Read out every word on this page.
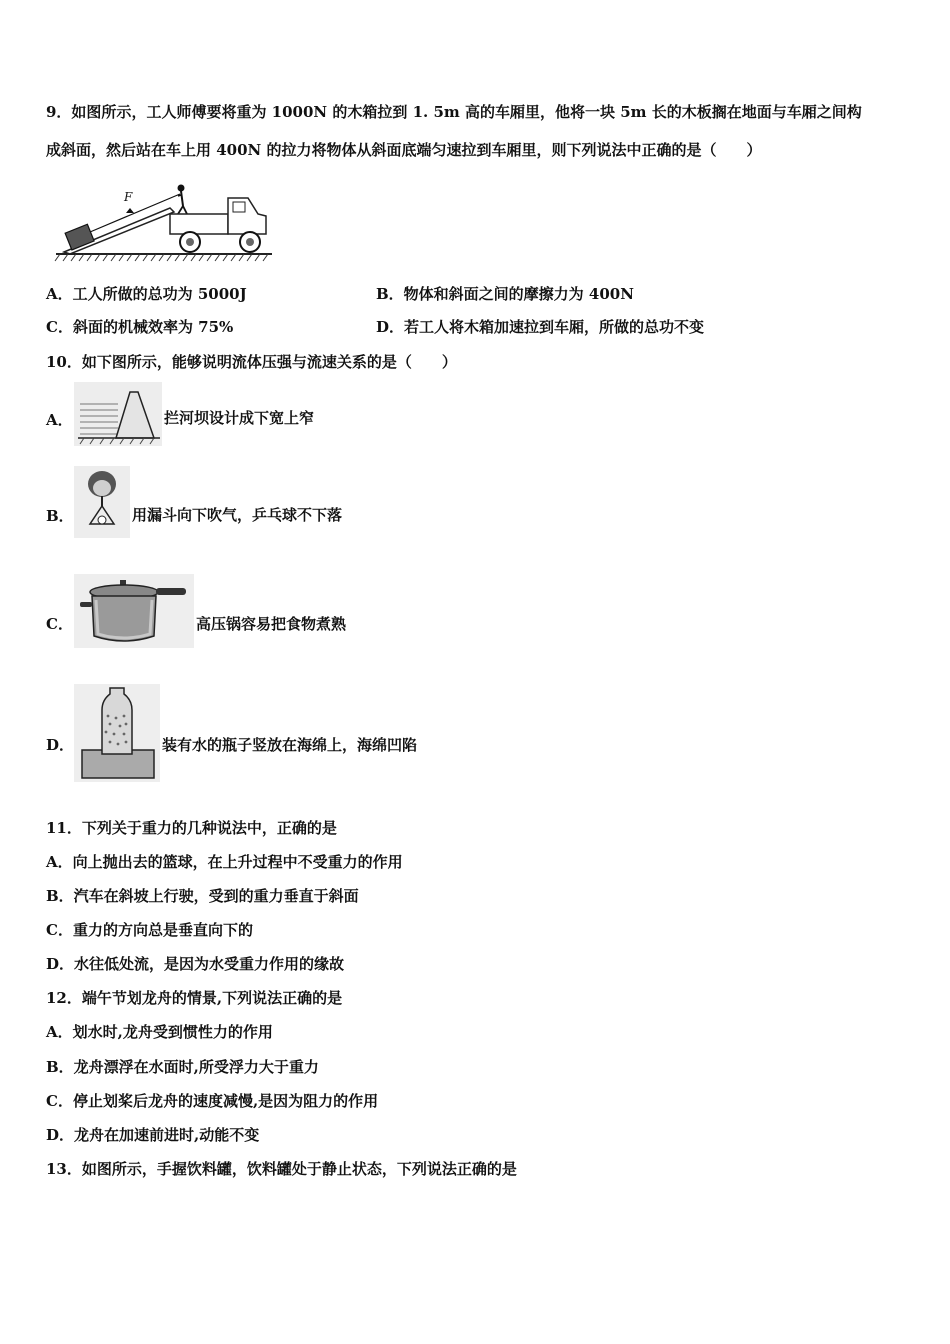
9．如图所示，工人师傅要将重为 1000N 的木箱拉到 1. 5m 高的车厢里，他将一块 5m 长的木板搁在地面与车厢之间构
成斜面，然后站在车上用 400N 的拉力将物体从斜面底端匀速拉到车厢里，则下列说法中正确的是（　　）
F
A．工人所做的总功为 5000J	B．物体和斜面之间的摩擦力为 400N
C．斜面的机械效率为 75%	D．若工人将木箱加速拉到车厢，所做的总功不变
10．如下图所示，能够说明流体压强与流速关系的是（　　）
A．	拦河坝设计成下宽上窄
B．	用漏斗向下吹气，乒乓球不下落
C．	高压锅容易把食物煮熟
D．	装有水的瓶子竖放在海绵上，海绵凹陷
11．下列关于重力的几种说法中，正确的是
A．向上抛出去的篮球，在上升过程中不受重力的作用
B．汽车在斜坡上行驶，受到的重力垂直于斜面
C．重力的方向总是垂直向下的
D．水往低处流，是因为水受重力作用的缘故
12．端午节划龙舟的情景,下列说法正确的是
A．划水时,龙舟受到惯性力的作用
B．龙舟漂浮在水面时,所受浮力大于重力
C．停止划桨后龙舟的速度减慢,是因为阻力的作用
D．龙舟在加速前进时,动能不变
13．如图所示，手握饮料罐，饮料罐处于静止状态，下列说法正确的是
